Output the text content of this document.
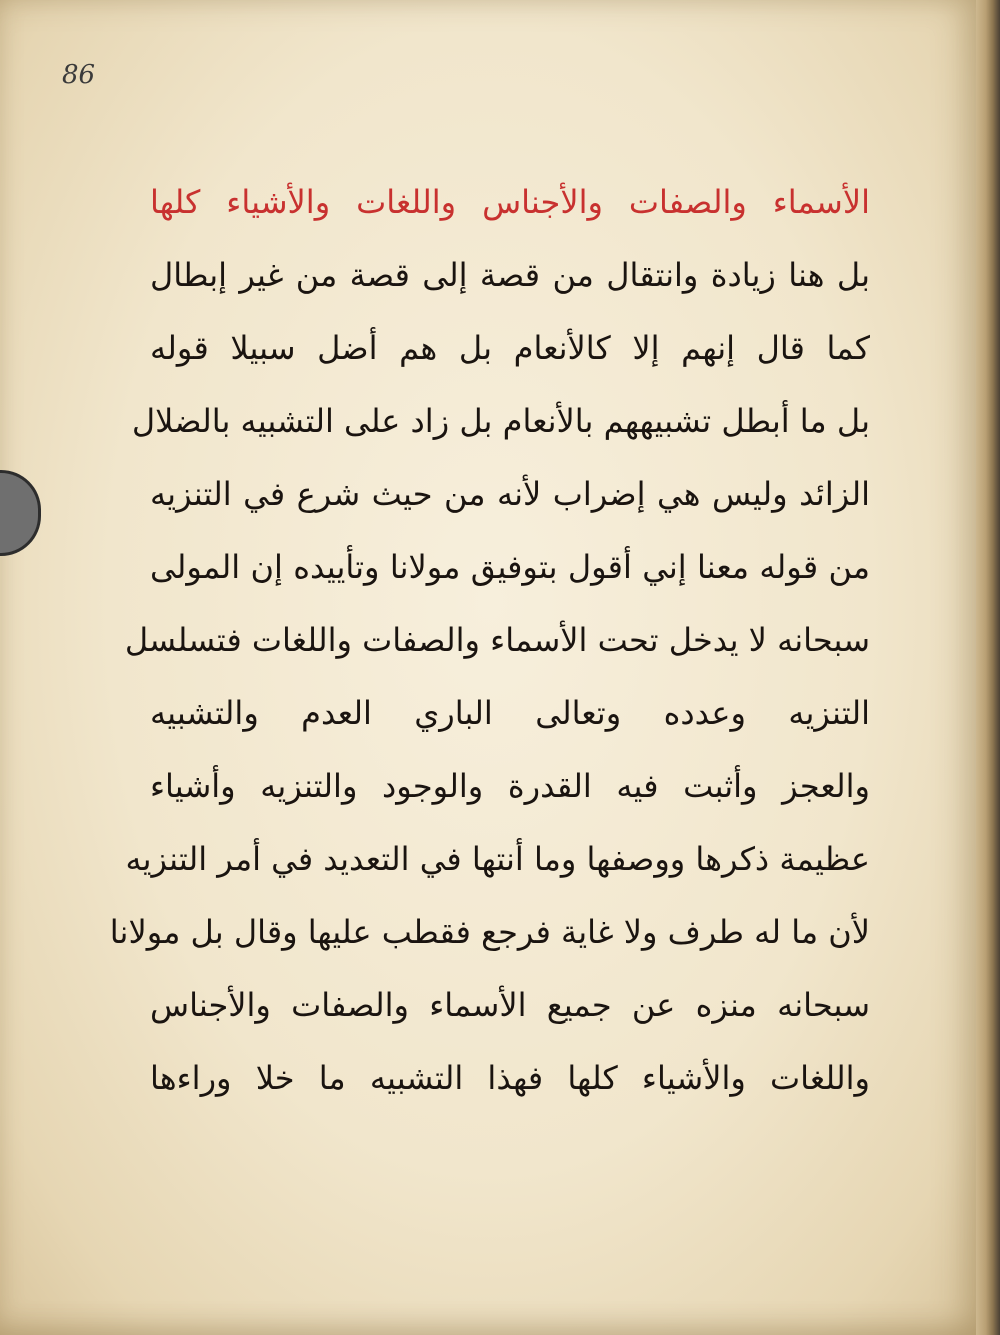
86
الأسماء والصفات والأجناس واللغات والأشياء كلها
بل هنا زيادة وانتقال من قصة إلى قصة من غير إبطال
كما قال إنهم إلا كالأنعام بل هم أضل سبيلا قوله
بل ما أبطل تشبيههم بالأنعام بل زاد على التشبيه بالضلال
الزائد وليس هي إضراب لأنه من حيث شرع في التنزيه
من قوله معنا إني أقول بتوفيق مولانا وتأييده إن المولى
سبحانه لا يدخل تحت الأسماء والصفات واللغات فتسلسل
التنزيه وعدده وتعالى الباري العدم والتشبيه
والعجز وأثبت فيه القدرة والوجود والتنزيه وأشياء
عظيمة ذكرها ووصفها وما أنتها في التعديد في أمر التنزيه
لأن ما له طرف ولا غاية فرجع فقطب عليها وقال بل مولانا
سبحانه منزه عن جميع الأسماء والصفات والأجناس
واللغات والأشياء كلها فهذا التشبيه ما خلا وراءها
